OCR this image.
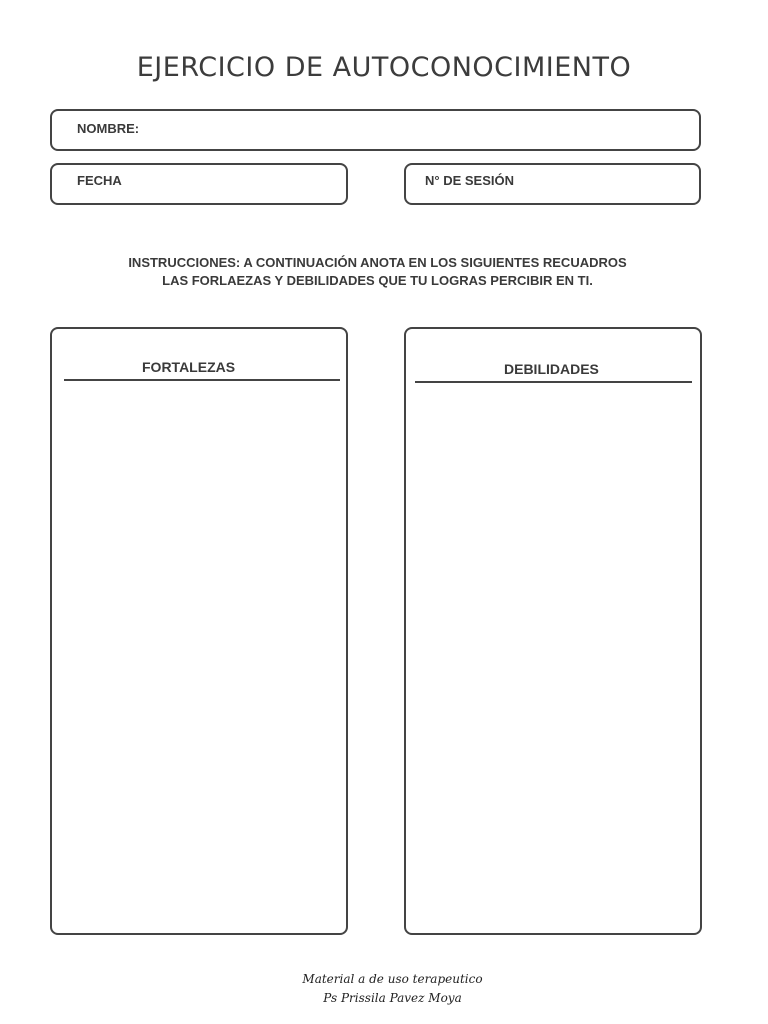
EJERCICIO DE AUTOCONOCIMIENTO
NOMBRE:
FECHA	N° DE SESIÓN
INSTRUCCIONES: A CONTINUACIÓN ANOTA EN LOS SIGUIENTES RECUADROS
LAS FORLAEZAS Y DEBILIDADES QUE TU LOGRAS PERCIBIR EN TI.
FORTALEZAS	DEBILIDADES
Material a de uso terapeutico
Ps Prissila Pavez Moya
